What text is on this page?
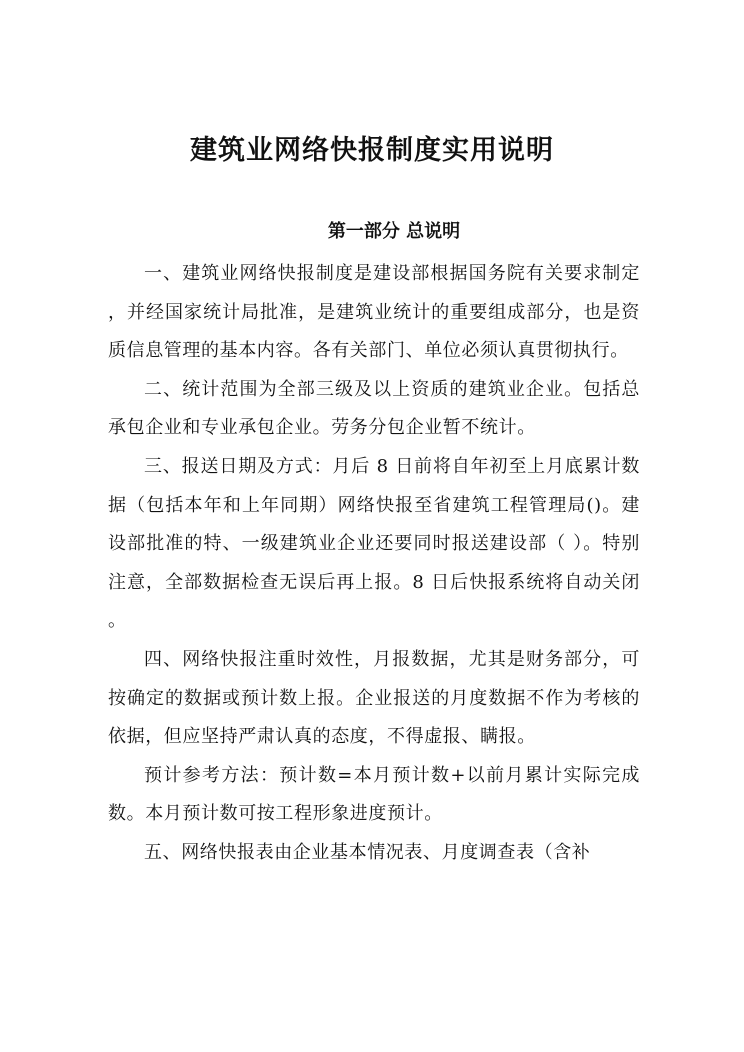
建筑业网络快报制度实用说明
第一部分 总说明

一、建筑业网络快报制度是建设部根据国务院有关要求制定，并经国家统计局批准，是建筑业统计的重要组成部分，也是资质信息管理的基本内容。各有关部门、单位必须认真贯彻执行。

二、统计范围为全部三级及以上资质的建筑业企业。包括总承包企业和专业承包企业。劳务分包企业暂不统计。

三、报送日期及方式：月后 8 日前将自年初至上月底累计数据（包括本年和上年同期）网络快报至省建筑工程管理局()。建设部批准的特、一级建筑业企业还要同时报送建设部（ ）。特别注意，全部数据检查无误后再上报。8 日后快报系统将自动关闭。

四、网络快报注重时效性，月报数据，尤其是财务部分，可按确定的数据或预计数上报。企业报送的月度数据不作为考核的依据，但应坚持严肃认真的态度，不得虚报、瞒报。

预计参考方法：预计数=本月预计数+以前月累计实际完成数。本月预计数可按工程形象进度预计。

五、网络快报表由企业基本情况表、月度调查表（含补
